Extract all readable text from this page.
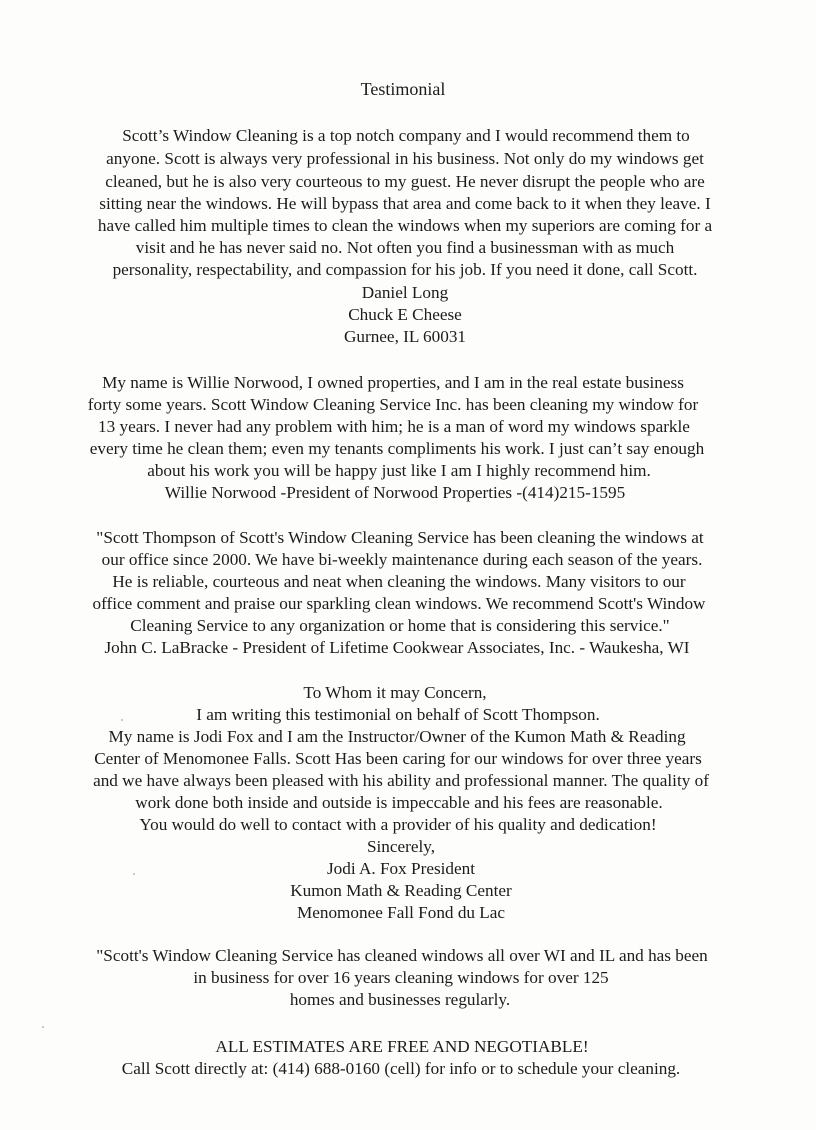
Testimonial
Scott’s Window Cleaning is a top notch company and I would recommend them to
anyone. Scott is always very professional in his business. Not only do my windows get
cleaned, but he is also very courteous to my guest. He never disrupt the people who are
sitting near the windows. He will bypass that area and come back to it when they leave. I
have called him multiple times to clean the windows when my superiors are coming for a
visit and he has never said no. Not often you find a businessman with as much
personality, respectability, and compassion for his job. If you need it done, call Scott.
Daniel Long
Chuck E Cheese
Gurnee, IL 60031
My name is Willie Norwood, I owned properties, and I am in the real estate business
forty some years. Scott Window Cleaning Service Inc. has been cleaning my window for
13 years. I never had any problem with him; he is a man of word my windows sparkle
every time he clean them; even my tenants compliments his work. I just can’t say enough
about his work you will be happy just like I am I highly recommend him.
Willie Norwood -President of Norwood Properties -(414)215-1595
"Scott Thompson of Scott's Window Cleaning Service has been cleaning the windows at
our office since 2000. We have bi-weekly maintenance during each season of the years.
He is reliable, courteous and neat when cleaning the windows. Many visitors to our
office comment and praise our sparkling clean windows. We recommend Scott's Window
Cleaning Service to any organization or home that is considering this service."
John C. LaBracke - President of Lifetime Cookwear Associates, Inc. - Waukesha, WI
To Whom it may Concern,
I am writing this testimonial on behalf of Scott Thompson.
My name is Jodi Fox and I am the Instructor/Owner of the Kumon Math & Reading
Center of Menomonee Falls. Scott Has been caring for our windows for over three years
and we have always been pleased with his ability and professional manner. The quality of
work done both inside and outside is impeccable and his fees are reasonable.
You would do well to contact with a provider of his quality and dedication!
Sincerely,
Jodi A. Fox President
Kumon Math & Reading Center
Menomonee Fall Fond du Lac
"Scott's Window Cleaning Service has cleaned windows all over WI and IL and has been
in business for over 16 years cleaning windows for over 125
homes and businesses regularly.
ALL ESTIMATES ARE FREE AND NEGOTIABLE!
Call Scott directly at: (414) 688-0160 (cell) for info or to schedule your cleaning.
